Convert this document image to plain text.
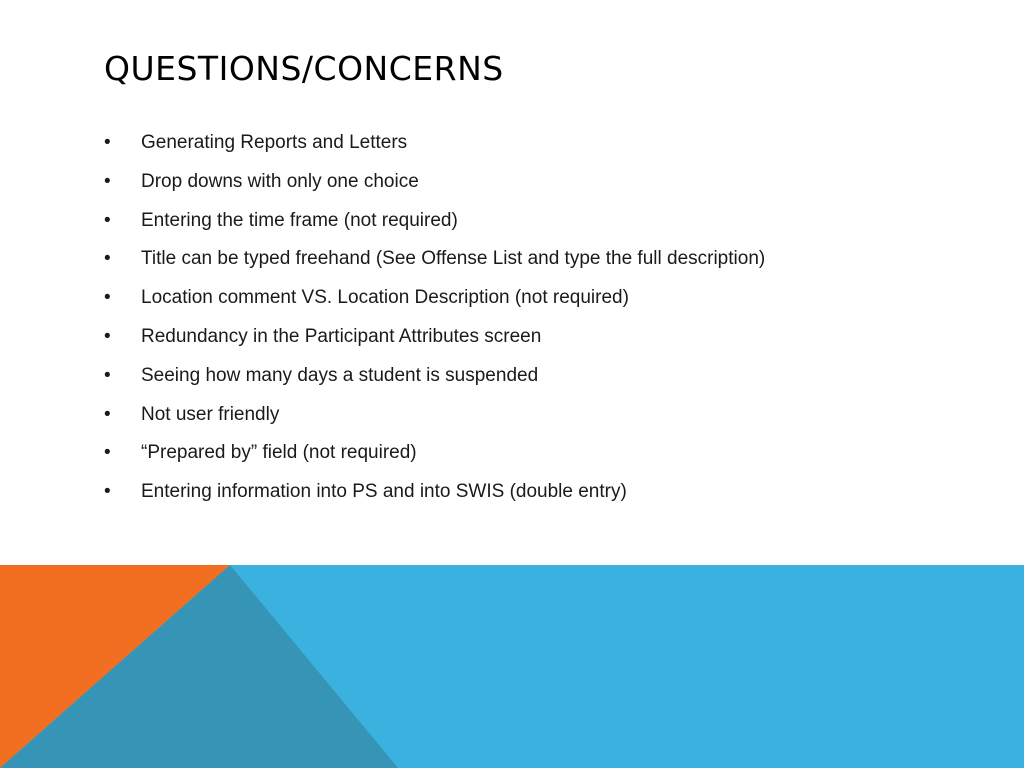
QUESTIONS/CONCERNS
•	Generating Reports and Letters
•	Drop downs with only one choice
•	Entering the time frame (not required)
•	Title can be typed freehand (See Offense List and type the full description)
•	Location comment VS. Location Description (not required)
•	Redundancy in the Participant Attributes screen
•	Seeing how many days a student is suspended
•	Not user friendly
•	“Prepared by” field (not required)
•	Entering information into PS and into SWIS (double entry)
